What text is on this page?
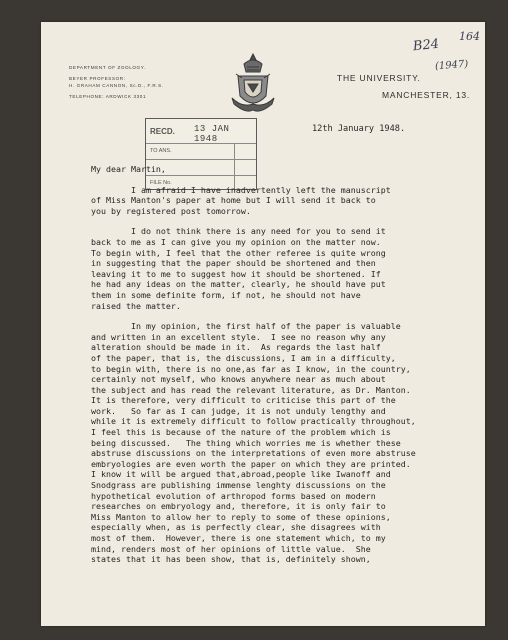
DEPARTMENT OF ZOOLOGY.
BEYER PROFESSOR:
H. GRAHAM CANNON, Sc.D., F.R.S.
TELEPHONE: ARDWICK 3301
THE UNIVERSITY.
MANCHESTER, 13.
B24
(1947)
164
RECD. 13 JAN 1948
TO ANS.
FILE No.
12th January 1948.
My dear Martin,
I am afraid I have inadvertently left the manuscript
of Miss Manton's paper at home but I will send it back to
you by registered post tomorrow.
I do not think there is any need for you to send it
back to me as I can give you my opinion on the matter now.
To begin with, I feel that the other referee is quite wrong
in suggesting that the paper should be shortened and then
leaving it to me to suggest how it should be shortened. If
he had any ideas on the matter, clearly, he should have put
them in some definite form, if not, he should not have
raised the matter.
In my opinion, the first half of the paper is valuable
and written in an excellent style.  I see no reason why any
alteration should be made in it.  As regards the last half
of the paper, that is, the discussions, I am in a difficulty,
to begin with, there is no one,as far as I know, in the country,
certainly not myself, who knows anywhere near as much about
the subject and has read the relevant literature, as Dr. Manton.
It is therefore, very difficult to criticise this part of the
work.   So far as I can judge, it is not unduly lengthy and
while it is extremely difficult to follow practically throughout,
I feel this is because of the nature of the problem which is
being discussed.   The thing which worries me is whether these
abstruse discussions on the interpretations of even more abstruse
embryologies are even worth the paper on which they are printed.
I know it will be argued that,abroad,people like Iwanoff and
Snodgrass are publishing immense lenghty discussions on the
hypothetical evolution of arthropod forms based on modern
researches on embryology and, therefore, it is only fair to
Miss Manton to allow her to reply to some of these opinions,
especially when, as is perfectly clear, she disagrees with
most of them.  However, there is one statement which, to my
mind, renders most of her opinions of little value.  She
states that it has been show, that is, definitely shown,
